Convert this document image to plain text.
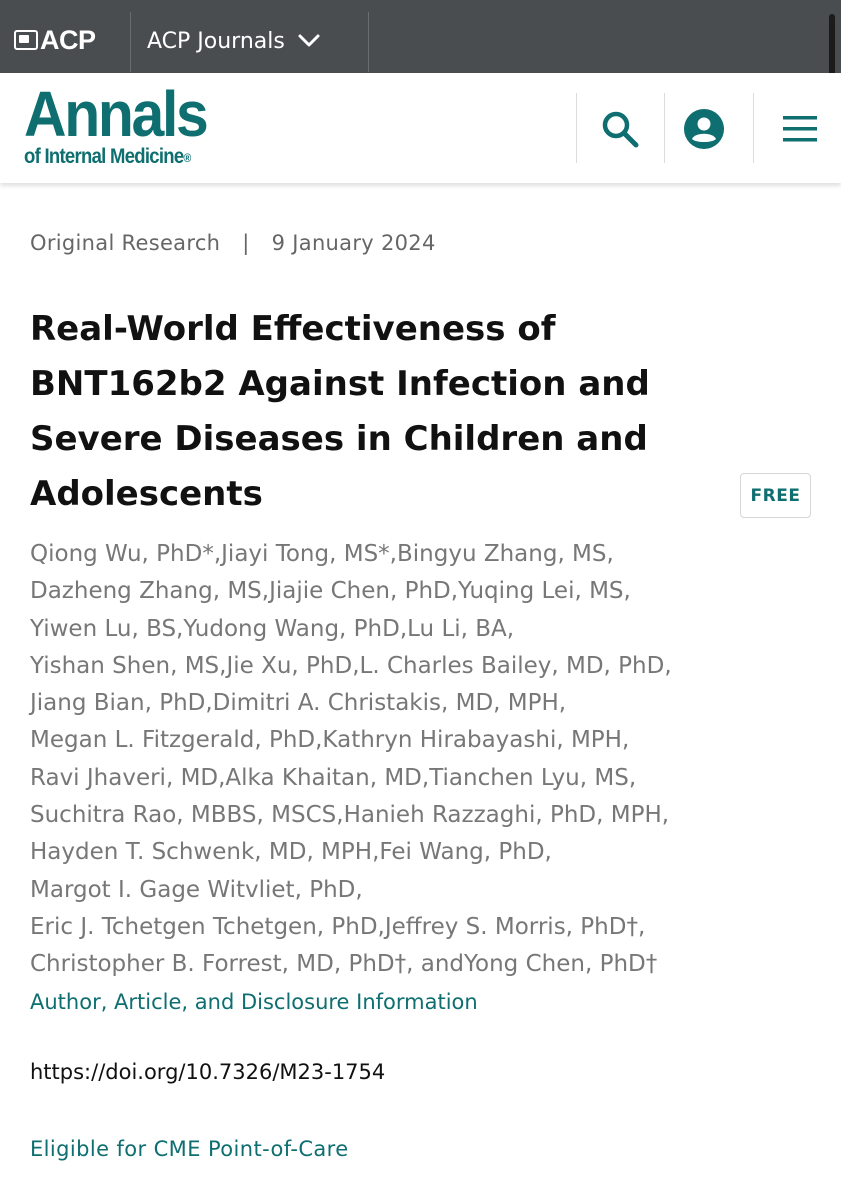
ACP ACP Journals
Annals
of Internal Medicine®
Original Research | 9 January 2024
Real-World Effectiveness of
BNT162b2 Against Infection and
Severe Diseases in Children and
Adolescents	FREE
Qiong Wu, PhD*,Jiayi Tong, MS*,Bingyu Zhang, MS,
Dazheng Zhang, MS,Jiajie Chen, PhD,Yuqing Lei, MS,
Yiwen Lu, BS,Yudong Wang, PhD,Lu Li, BA,
Yishan Shen, MS,Jie Xu, PhD,L. Charles Bailey, MD, PhD,
Jiang Bian, PhD,Dimitri A. Christakis, MD, MPH,
Megan L. Fitzgerald, PhD,Kathryn Hirabayashi, MPH,
Ravi Jhaveri, MD,Alka Khaitan, MD,Tianchen Lyu, MS,
Suchitra Rao, MBBS, MSCS,Hanieh Razzaghi, PhD, MPH,
Hayden T. Schwenk, MD, MPH,Fei Wang, PhD,
Margot I. Gage Witvliet, PhD,
Eric J. Tchetgen Tchetgen, PhD,Jeffrey S. Morris, PhD†,
Christopher B. Forrest, MD, PhD†, andYong Chen, PhD†
Author, Article, and Disclosure Information
https://doi.org/10.7326/M23-1754
Eligible for CME Point-of-Care
